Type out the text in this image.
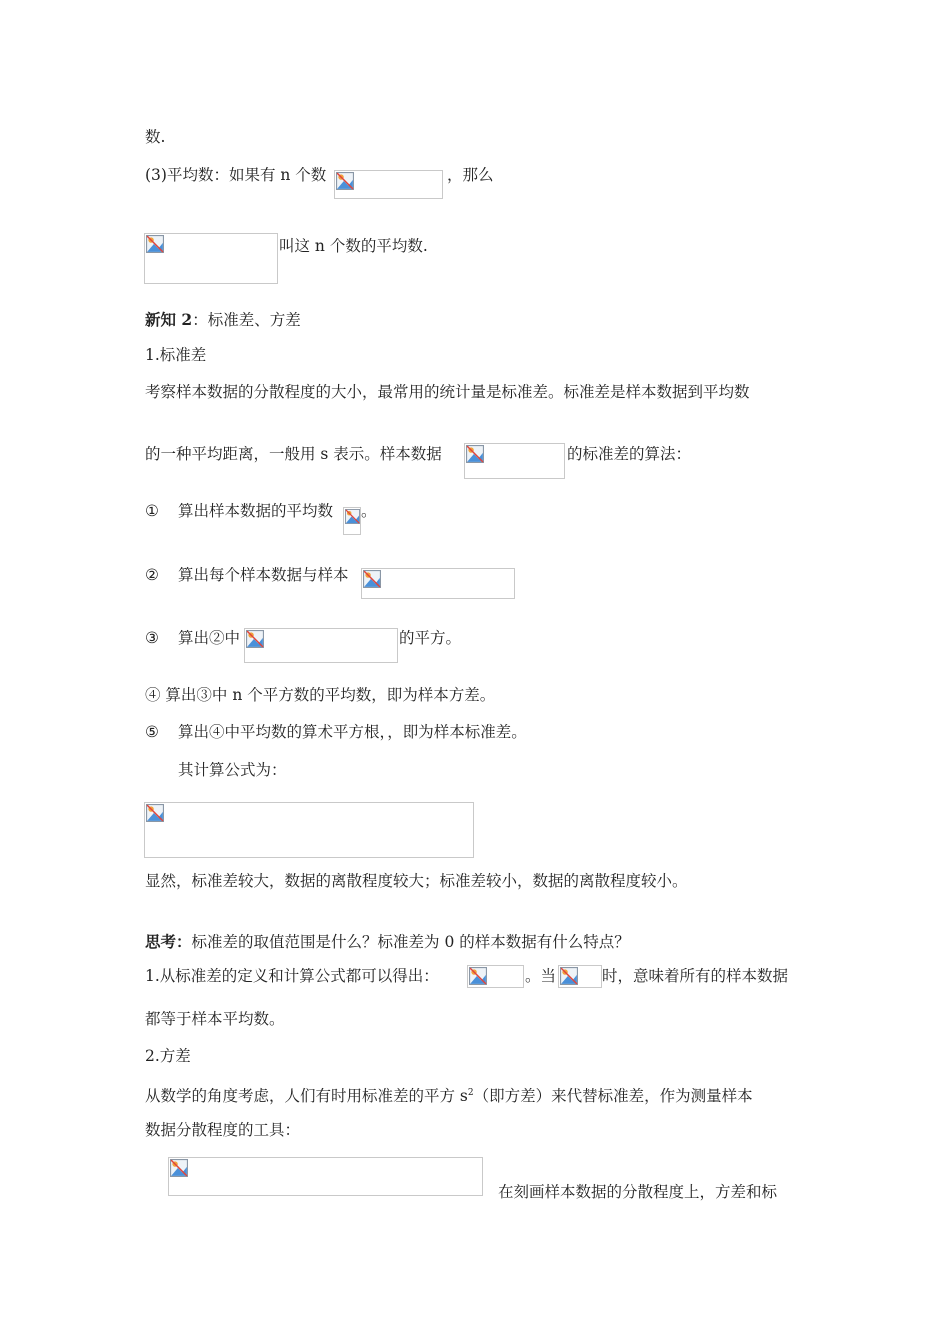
数.
(3)平均数：如果有 n 个数	，那么
叫这 n 个数的平均数.
新知 2：标准差、方差
1.标准差
考察样本数据的分散程度的大小，最常用的统计量是标准差。标准差是样本数据到平均数
的一种平均距离，一般用 s 表示。样本数据	的标准差的算法：
① 算出样本数据的平均数 。
② 算出每个样本数据与样本
③ 算出②中	的平方。
④ 算出③中 n 个平方数的平均数，即为样本方差。
⑤ 算出④中平均数的算术平方根，，即为样本标准差。
其计算公式为：
显然，标准差较大，数据的离散程度较大；标准差较小，数据的离散程度较小。
思考：标准差的取值范围是什么？标准差为 0 的样本数据有什么特点？
1.从标准差的定义和计算公式都可以得出：	。当	时，意味着所有的样本数据
都等于样本平均数。
2.方差
从数学的角度考虑，人们有时用标准差的平方 $s^2$（即方差）来代替标准差，作为测量样本
数据分散程度的工具：
在刻画样本数据的分散程度上，方差和标
